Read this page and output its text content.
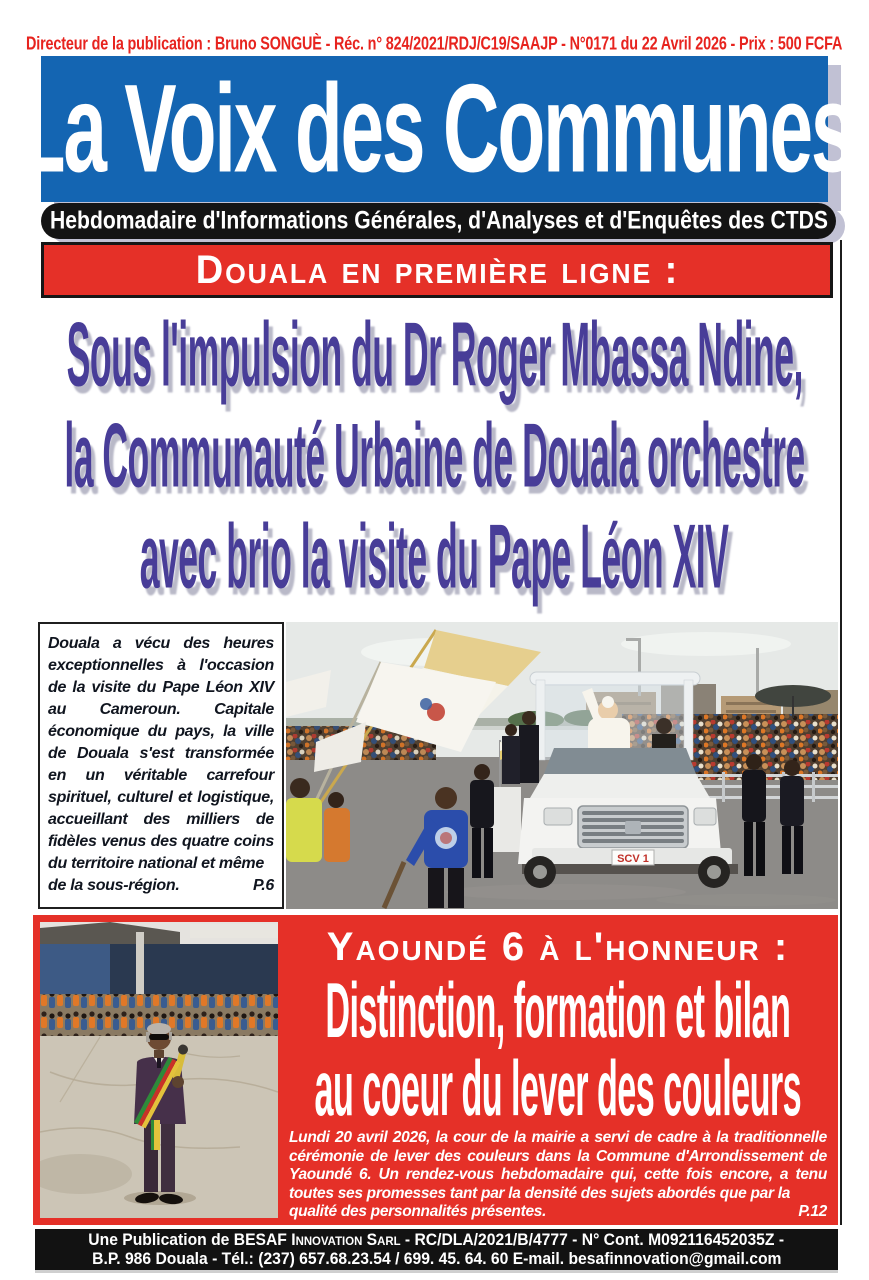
Directeur de la publication : Bruno SONGUÈ - Réc. n° 824/2021/RDJ/C19/SAAJP - N°0171 du 22 Avril 2026 - Prix : 500 FCFA
La Voix des Communes
Hebdomadaire d'Informations Générales, d'Analyses et d'Enquêtes des CTDS
Douala en première ligne :
Sous l'impulsion du Dr Roger Mbassa Ndine,
la Communauté Urbaine de Douala orchestre
avec brio la visite du Pape Léon XIV

Douala a vécu des heures exceptionnelles à l'occasion de la visite du Pape Léon XIV au Cameroun. Capitale économique du pays, la ville de Douala s'est transformée en un véritable carrefour spirituel, culturel et logistique, accueillant des milliers de fidèles venus des quatre coins du territoire national et même

de la sous-région.	P.6
SCV 1
Yaoundé 6 à l'honneur :
Distinction, formation et bilan
au coeur du lever des couleurs

Lundi 20 avril 2026, la cour de la mairie a servi de cadre à la traditionnelle cérémonie de lever des couleurs dans la Commune d'Arrondissement de Yaoundé 6. Un rendez-vous hebdomadaire qui, cette fois encore, a tenu toutes ses promesses tant par la densité des sujets abordés que par la

qualité des personnalités présentes.	P.12
Une Publication de BESAF Innovation Sarl - RC/DLA/2021/B/4777 - N° Cont. M092116452035Z -
B.P. 986 Douala - Tél.: (237) 657.68.23.54 / 699. 45. 64. 60 E-mail. besafinnovation@gmail.com
